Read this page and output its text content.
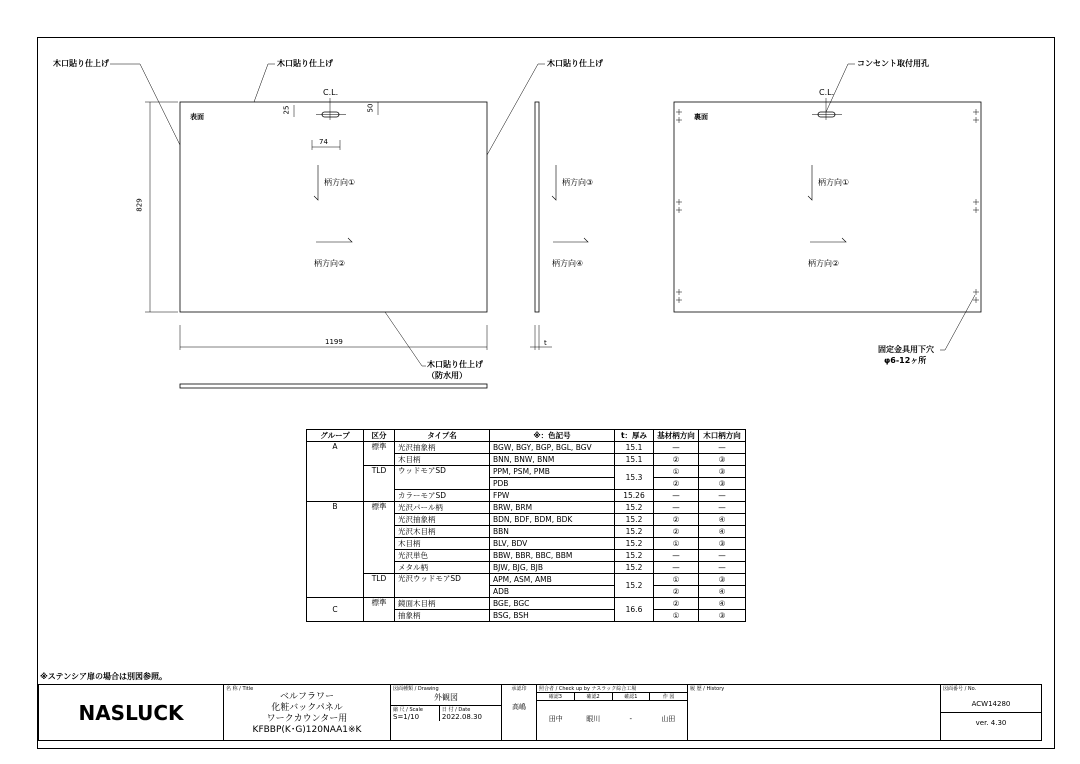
木口貼り仕上げ	木口貼り仕上げ	木口貼り仕上げ	コンセント取付用孔
C.L.	C.L.
表面	裏面
25	50
74
829
1199	t
柄方向①
柄方向②
柄方向③
柄方向④
柄方向①
柄方向②
木口貼り仕上げ
（防水用）
固定金具用下穴
φ6-12ヶ所
グループ	区分	タイプ名	※：色記号	t：厚み	基材柄方向	木口柄方向
A	標準	光沢抽象柄	BGW, BGY, BGP, BGL, BGV	15.1	—	—
		木目柄	BNN, BNW, BNM	15.1	②	③
	TLD	ウッドモアSD	PPM, PSM, PMB	15.3	①	③
			PDB		②	③
		カラーモアSD	FPW	15.26	—	—
B	標準	光沢パール柄	BRW, BRM	15.2	—	—
		光沢抽象柄	BDN, BDF, BDM, BDK	15.2	②	④
		光沢木目柄	BBN	15.2	②	④
		木目柄	BLV, BDV	15.2	①	③
		光沢単色	BBW, BBR, BBC, BBM	15.2	—	—
		メタル柄	BJW, BJG, BJB	15.2	—	—
	TLD	光沢ウッドモアSD	APM, ASM, AMB	15.2	①	③
			ADB		②	④
C	標準	鏡面木目柄	BGE, BGC	16.6	②	④
		抽象柄	BSG, BSH		①	③
※ステンシア扉の場合は別図参照。
NASLUCK	
名 称 / Title
ベルフラワー
化粧バックパネル
ワークカウンター用
KFBBP(K･G)120NAA1※K

図面種類 / Drawing
外観図
縮 尺 / Scale
S=1/10
日 付 / Date
2022.08.30

承認印
高嶋

照合者 / Check up by ナスラック綜合工場
確認3	確認2	確認1	作 図
田中	眼川	-	山田

履 歴 / History	図面番号 / No.
ACW14280
ver. 4.30
